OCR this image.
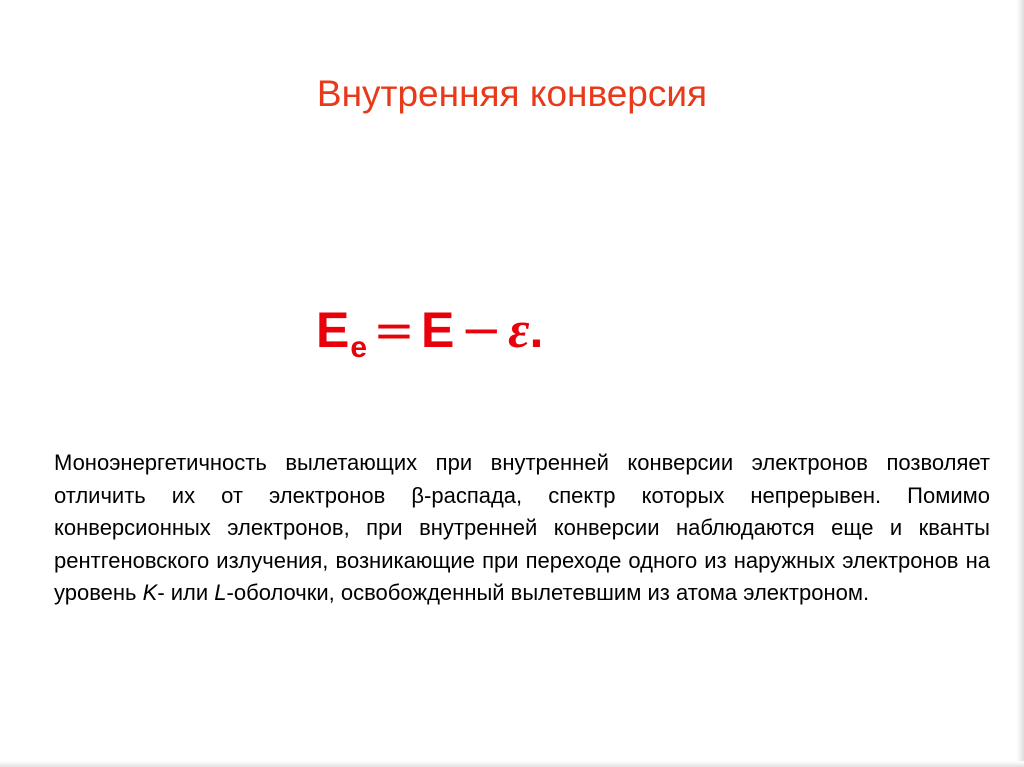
Внутренняя конверсия
$E_e = E - \varepsilon$.

Моноэнергетичность вылетающих при внутренней конверсии электронов позволяет отличить их от электронов β-распада, спектр которых непрерывен. Помимо конверсионных электронов, при внутренней конверсии наблюдаются еще и кванты рентгеновского излучения, возникающие при переходе одного из наружных электронов на уровень K- или L-оболочки, освобожденный вылетевшим из атома электроном.
